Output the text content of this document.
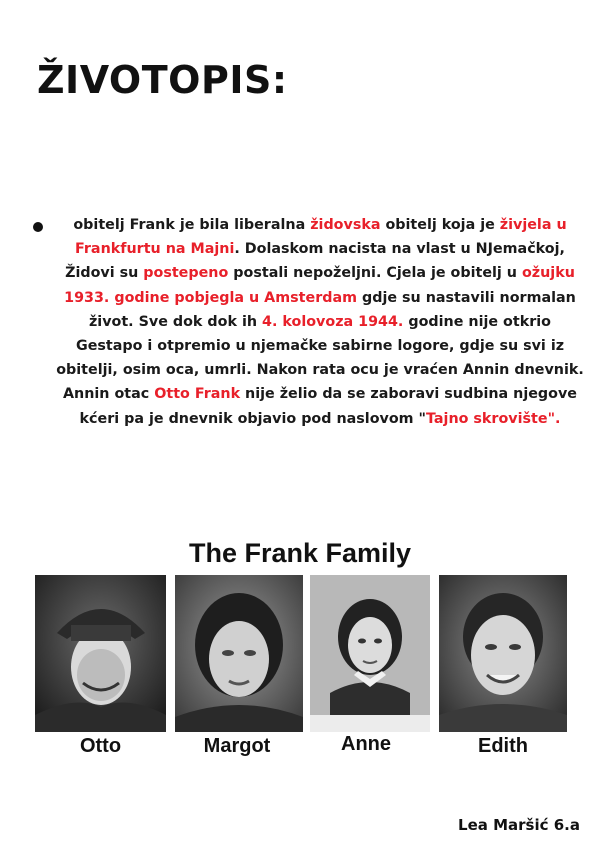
ŽIVOTOPIS:

obitelj Frank je bila liberalna židovska obitelj koja je živjela u Frankfurtu na Majni. Dolaskom nacista na vlast u NJemačkoj, Židovi su postepeno postali nepoželjni. Cjela je obitelj u ožujku 1933. godine pobjegla u Amsterdam gdje su nastavili normalan život. Sve dok dok ih 4. kolovoza 1944. godine nije otkrio Gestapo i otpremio u njemačke sabirne logore, gdje su svi iz obitelji, osim oca, umrli. Nakon rata ocu je vraćen Annin dnevnik. Annin otac Otto Frank nije želio da se zaboravi sudbina njegove kćeri pa je dnevnik objavio pod naslovom "Tajno skrovište".

The Frank Family
Otto	Margot	Anne	Edith
Lea Maršić 6.a
